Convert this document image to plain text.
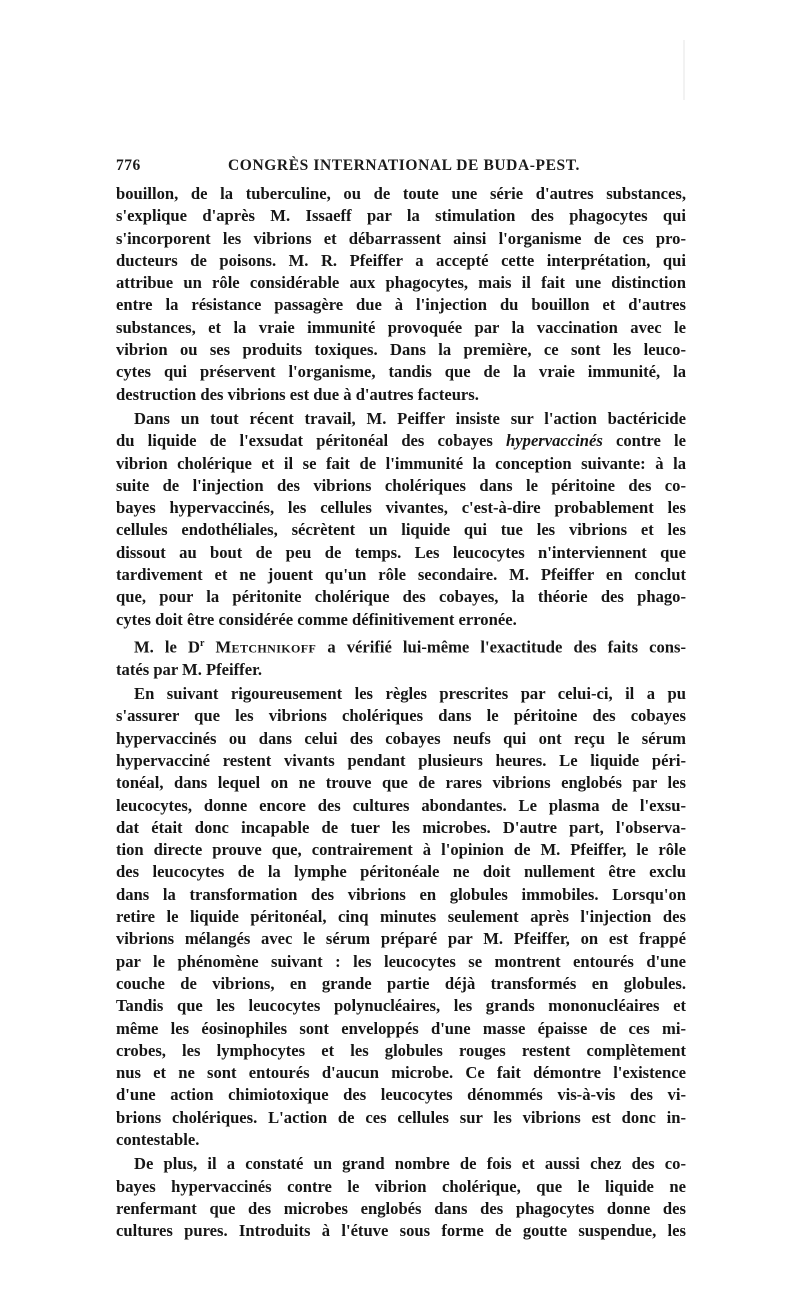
776	CONGRÈS INTERNATIONAL DE BUDA-PEST.

bouillon, de la tuberculine, ou de toute une série d'autres substances,
s'explique d'après M. Issaeff par la stimulation des phagocytes qui
s'incorporent les vibrions et débarrassent ainsi l'organisme de ces pro-
ducteurs de poisons. M. R. Pfeiffer a accepté cette interprétation, qui
attribue un rôle considérable aux phagocytes, mais il fait une distinction
entre la résistance passagère due à l'injection du bouillon et d'autres
substances, et la vraie immunité provoquée par la vaccination avec le
vibrion ou ses produits toxiques. Dans la première, ce sont les leuco-
cytes qui préservent l'organisme, tandis que de la vraie immunité, la
destruction des vibrions est due à d'autres facteurs.

Dans un tout récent travail, M. Peiffer insiste sur l'action bactéricide
du liquide de l'exsudat péritonéal des cobayes hypervaccinés contre le
vibrion cholérique et il se fait de l'immunité la conception suivante: à la
suite de l'injection des vibrions cholériques dans le péritoine des co-
bayes hypervaccinés, les cellules vivantes, c'est-à-dire probablement les
cellules endothéliales, sécrètent un liquide qui tue les vibrions et les
dissout au bout de peu de temps. Les leucocytes n'interviennent que
tardivement et ne jouent qu'un rôle secondaire. M. Pfeiffer en conclut
que, pour la péritonite cholérique des cobayes, la théorie des phago-
cytes doit être considérée comme définitivement erronée.

M. le $D^r$ Metchnikoff a vérifié lui-même l'exactitude des faits cons-
tatés par M. Pfeiffer.

En suivant rigoureusement les règles prescrites par celui-ci, il a pu
s'assurer que les vibrions cholériques dans le péritoine des cobayes
hypervaccinés ou dans celui des cobayes neufs qui ont reçu le sérum
hypervacciné restent vivants pendant plusieurs heures. Le liquide péri-
tonéal, dans lequel on ne trouve que de rares vibrions englobés par les
leucocytes, donne encore des cultures abondantes. Le plasma de l'exsu-
dat était donc incapable de tuer les microbes. D'autre part, l'observa-
tion directe prouve que, contrairement à l'opinion de M. Pfeiffer, le rôle
des leucocytes de la lymphe péritonéale ne doit nullement être exclu
dans la transformation des vibrions en globules immobiles. Lorsqu'on
retire le liquide péritonéal, cinq minutes seulement après l'injection des
vibrions mélangés avec le sérum préparé par M. Pfeiffer, on est frappé
par le phénomène suivant : les leucocytes se montrent entourés d'une
couche de vibrions, en grande partie déjà transformés en globules.
Tandis que les leucocytes polynucléaires, les grands mononucléaires et
même les éosinophiles sont enveloppés d'une masse épaisse de ces mi-
crobes, les lymphocytes et les globules rouges restent complètement
nus et ne sont entourés d'aucun microbe. Ce fait démontre l'existence
d'une action chimiotoxique des leucocytes dénommés vis-à-vis des vi-
brions cholériques. L'action de ces cellules sur les vibrions est donc in-
contestable.

De plus, il a constaté un grand nombre de fois et aussi chez des co-
bayes hypervaccinés contre le vibrion cholérique, que le liquide ne
renfermant que des microbes englobés dans des phagocytes donne des
cultures pures. Introduits à l'étuve sous forme de goutte suspendue, les
